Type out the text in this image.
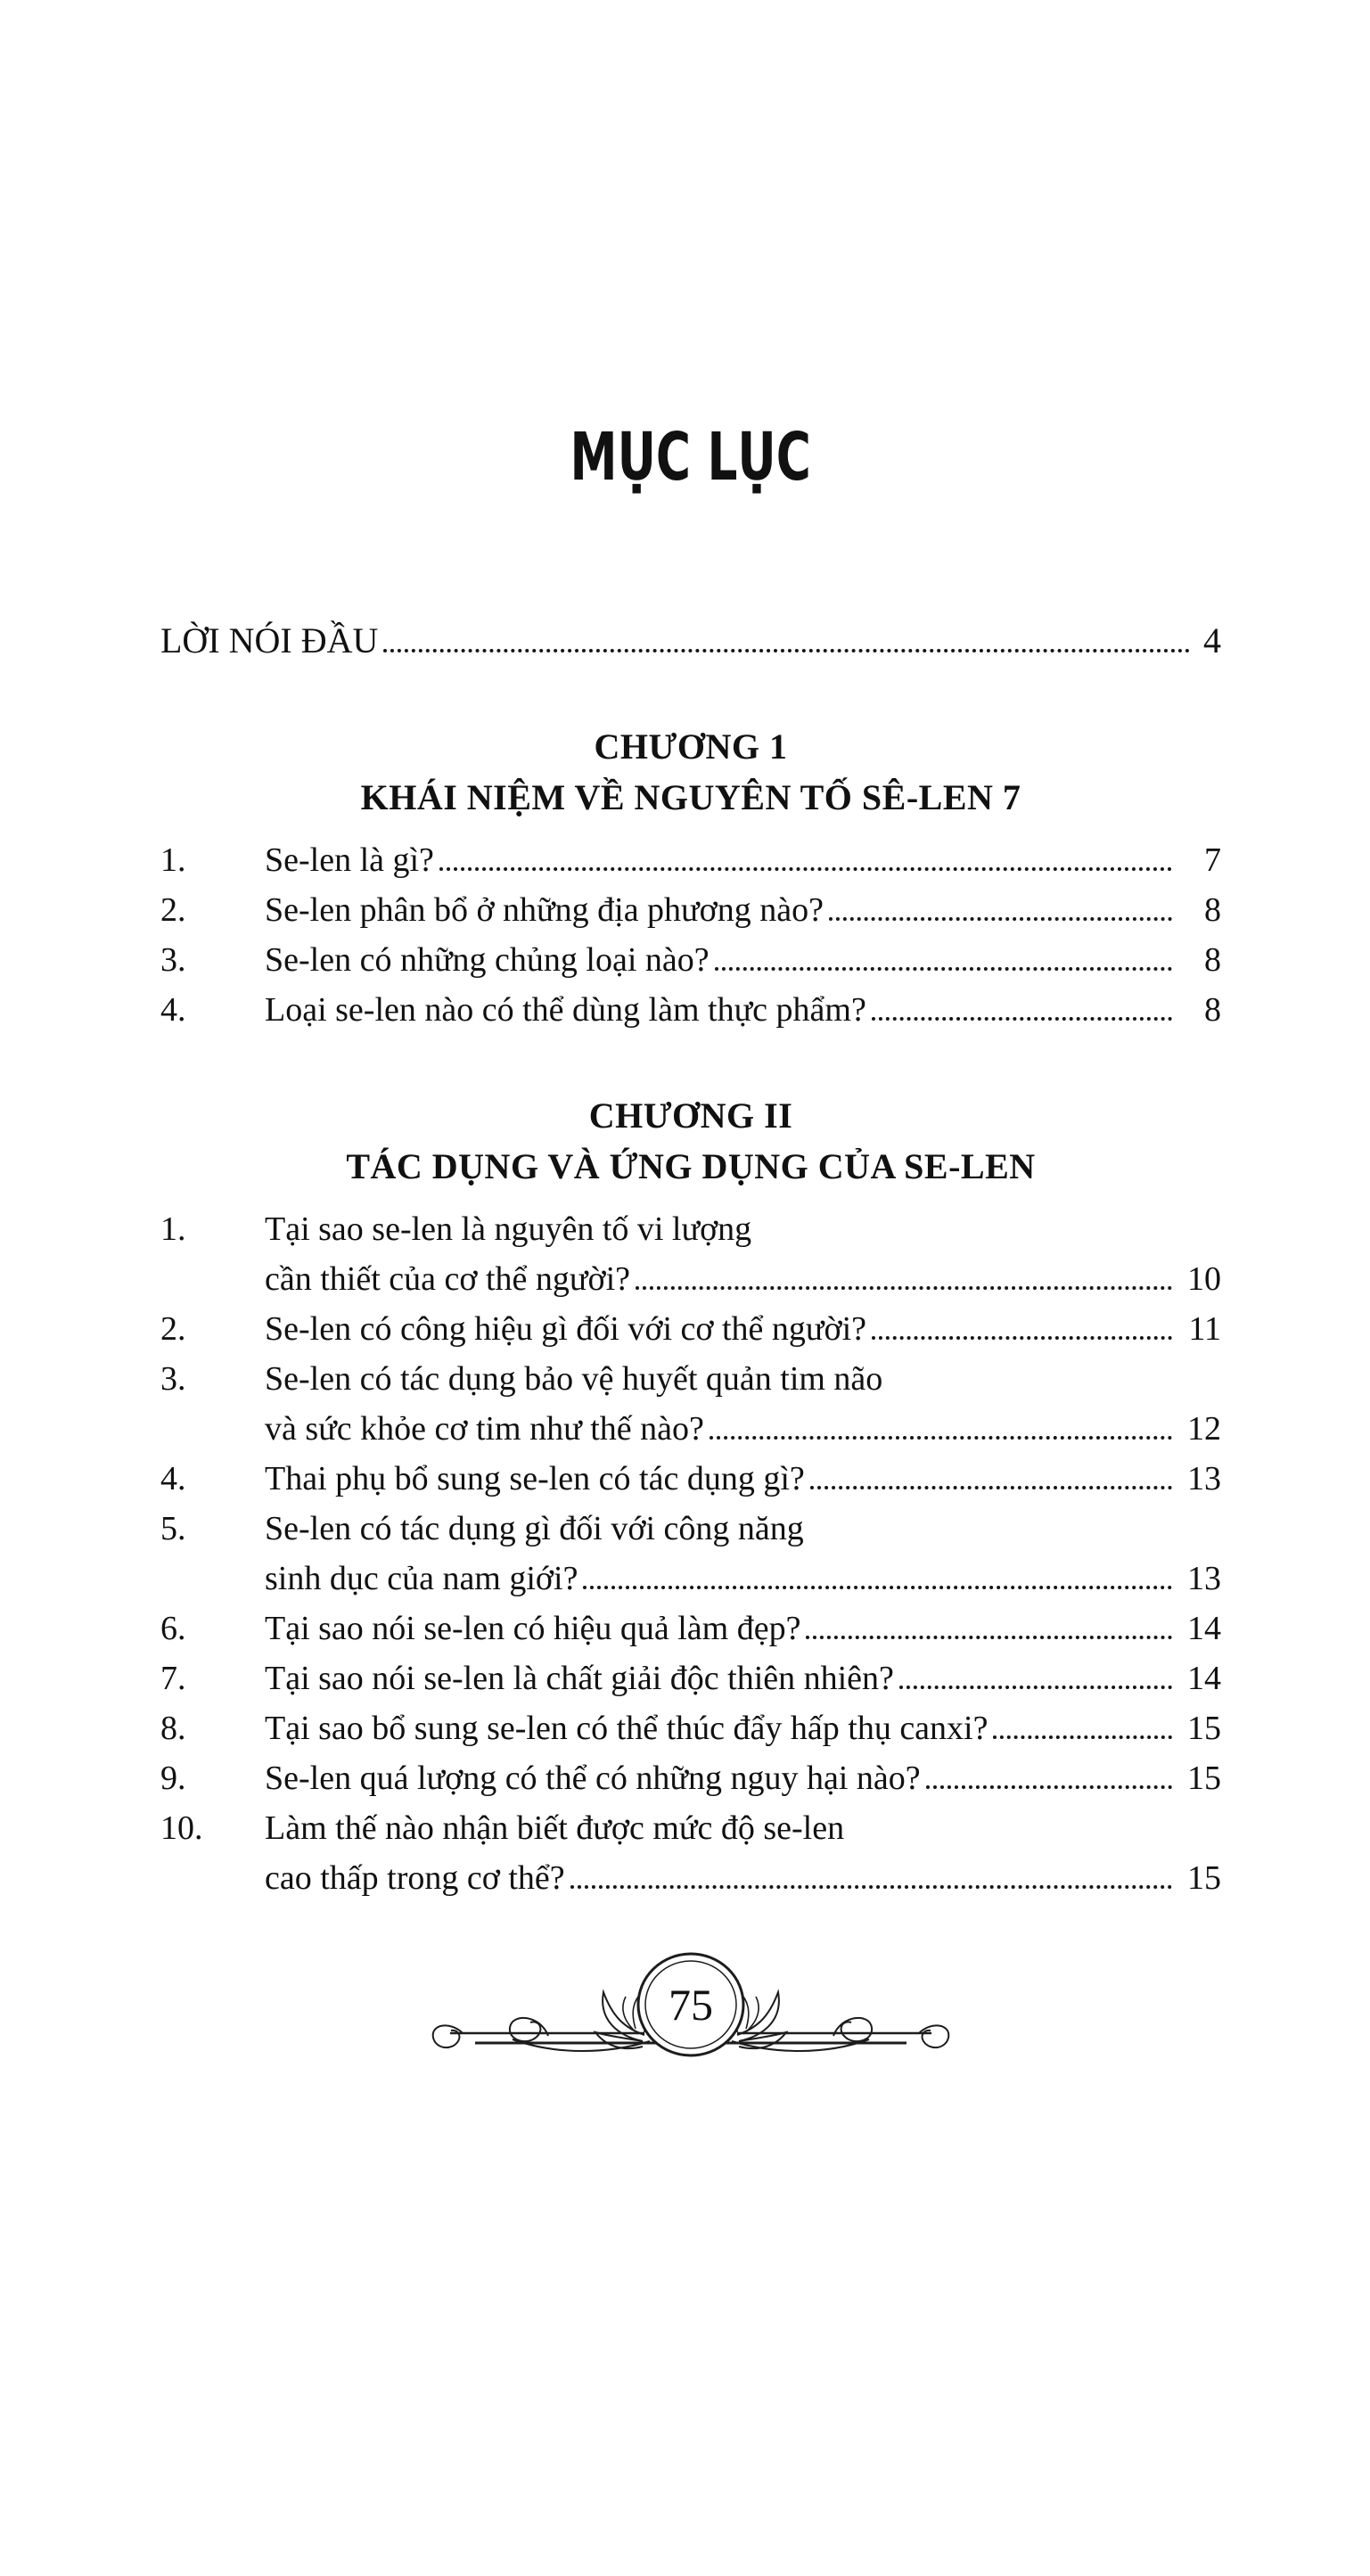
MỤC LỤC
LỜI NÓI ĐẦU	4
CHƯƠNG 1
KHÁI NIỆM VỀ NGUYÊN TỐ SÊ-LEN 7
1.	Se-len là gì?	7
2.	Se-len phân bổ ở những địa phương nào?	8
3.	Se-len có những chủng loại nào?	8
4.	Loại se-len nào có thể dùng làm thực phẩm?	8
CHƯƠNG II
TÁC DỤNG VÀ ỨNG DỤNG CỦA SE-LEN
1.	Tại sao se-len là nguyên tố vi lượng
cần thiết của cơ thể người?	10
2.	Se-len có công hiệu gì đối với cơ thể người?	11
3.	Se-len có tác dụng bảo vệ huyết quản tim não
và sức khỏe cơ tim như thế nào?	12
4.	Thai phụ bổ sung se-len có tác dụng gì?	13
5.	Se-len có tác dụng gì đối với công năng
sinh dục của nam giới?	13
6.	Tại sao nói se-len có hiệu quả làm đẹp?	14
7.	Tại sao nói se-len là chất giải độc thiên nhiên?	14
8.	Tại sao bổ sung se-len có thể thúc đẩy hấp thụ canxi?	15
9.	Se-len quá lượng có thể có những nguy hại nào?	15
10.	Làm thế nào nhận biết được mức độ se-len
cao thấp trong cơ thể?	15
75
